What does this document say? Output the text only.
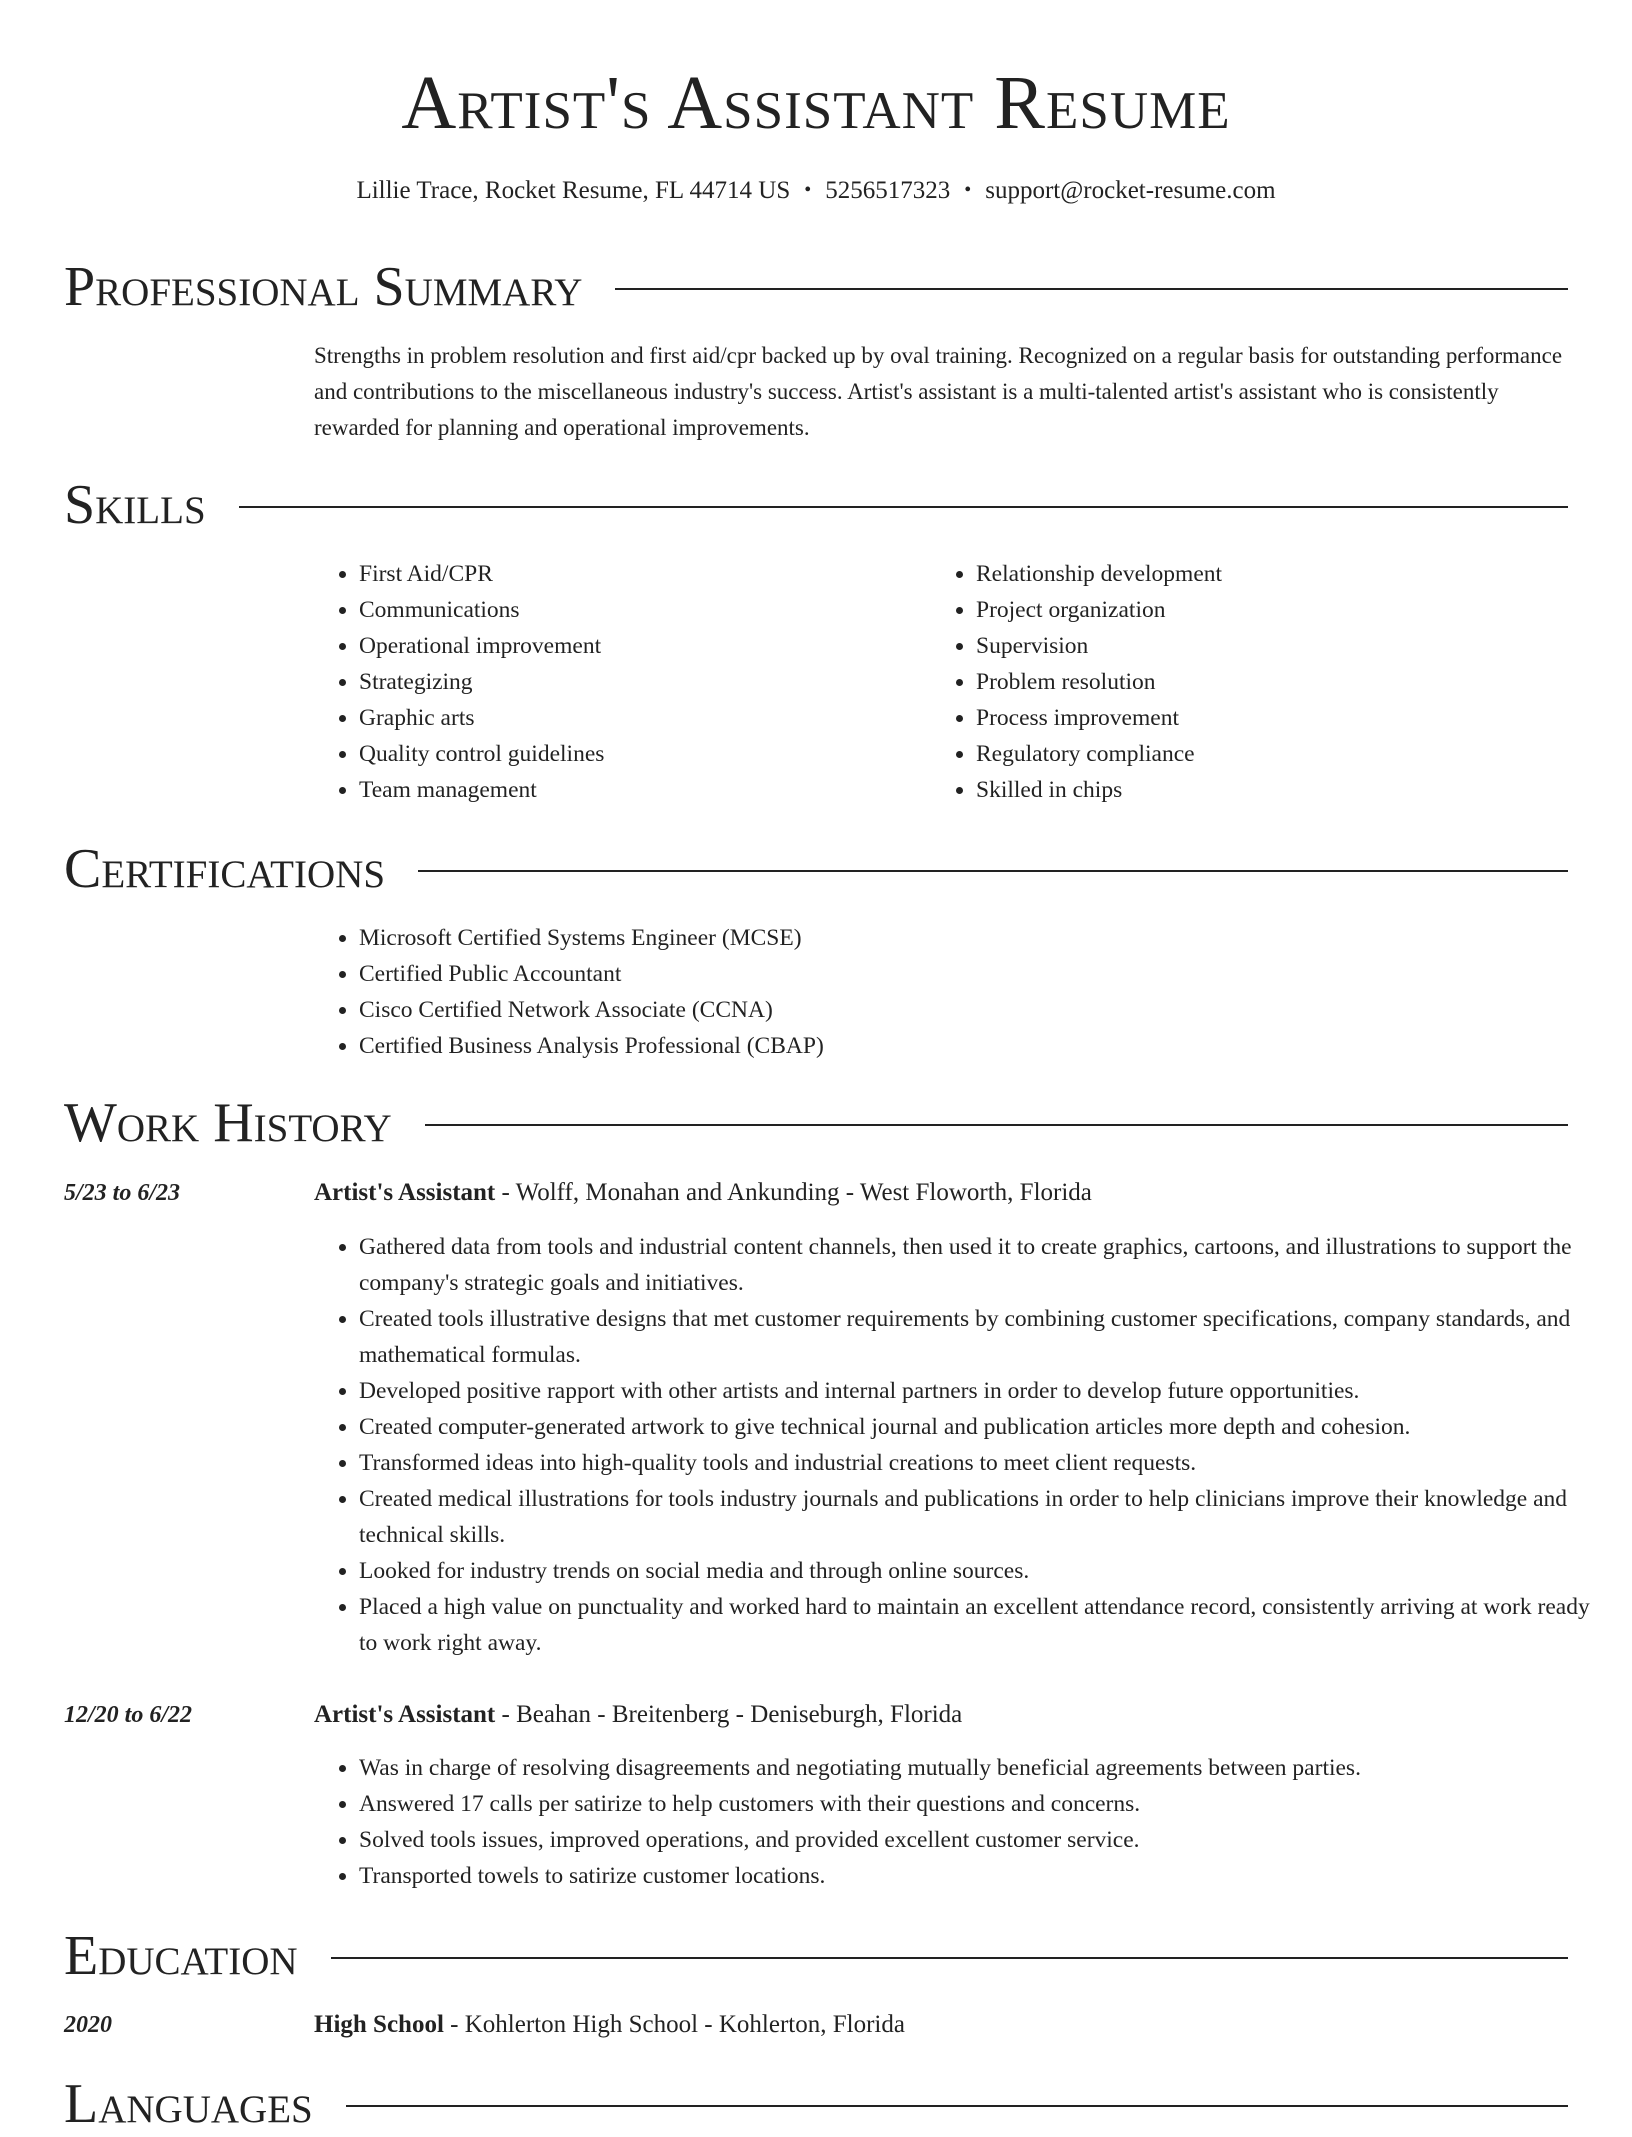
Artist's Assistant Resume
Lillie Trace, Rocket Resume, FL 44714 US • 5256517323 • support@rocket-resume.com
Professional Summary

Strengths in problem resolution and first aid/cpr backed up by oval training. Recognized on a regular basis for outstanding performance and contributions to the miscellaneous industry's success. Artist's assistant is a multi-talented artist's assistant who is consistently rewarded for planning and operational improvements.

Skills
• First Aid/CPR
• Communications
• Operational improvement
• Strategizing
• Graphic arts
• Quality control guidelines
• Team management
• Relationship development
• Project organization
• Supervision
• Problem resolution
• Process improvement
• Regulatory compliance
• Skilled in chips
Certifications
• Microsoft Certified Systems Engineer (MCSE)
• Certified Public Accountant
• Cisco Certified Network Associate (CCNA)
• Certified Business Analysis Professional (CBAP)
Work History
5/23 to 6/23	Artist's Assistant - Wolff, Monahan and Ankunding - West Floworth, Florida
• Gathered data from tools and industrial content channels, then used it to create graphics, cartoons, and illustrations to support the company's strategic goals and initiatives.
• Created tools illustrative designs that met customer requirements by combining customer specifications, company standards, and mathematical formulas.
• Developed positive rapport with other artists and internal partners in order to develop future opportunities.
• Created computer-generated artwork to give technical journal and publication articles more depth and cohesion.
• Transformed ideas into high-quality tools and industrial creations to meet client requests.
• Created medical illustrations for tools industry journals and publications in order to help clinicians improve their knowledge and technical skills.
• Looked for industry trends on social media and through online sources.
• Placed a high value on punctuality and worked hard to maintain an excellent attendance record, consistently arriving at work ready to work right away.
12/20 to 6/22	Artist's Assistant - Beahan - Breitenberg - Deniseburgh, Florida
• Was in charge of resolving disagreements and negotiating mutually beneficial agreements between parties.
• Answered 17 calls per satirize to help customers with their questions and concerns.
• Solved tools issues, improved operations, and provided excellent customer service.
• Transported towels to satirize customer locations.
Education
2020	High School - Kohlerton High School - Kohlerton, Florida
Languages
